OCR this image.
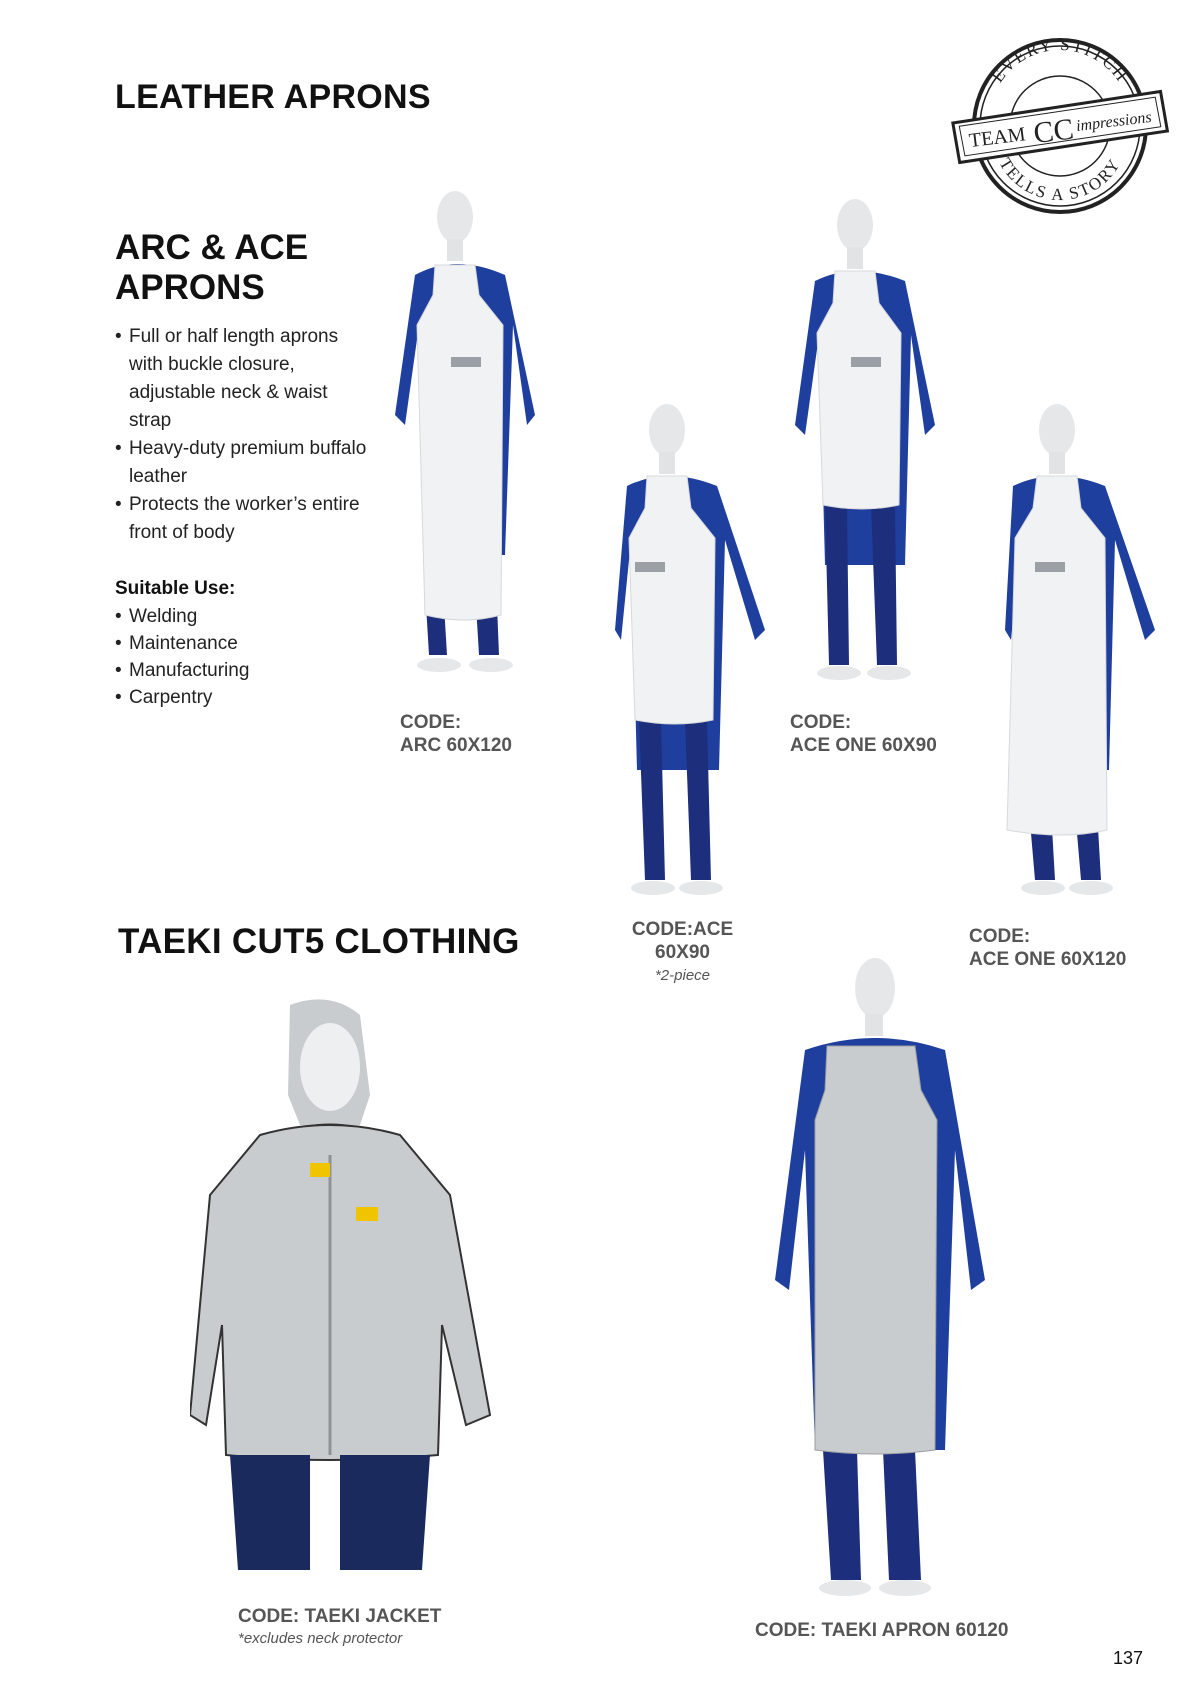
LEATHER APRONS
ARC & ACE APRONS
• Full or half length aprons with buckle closure, adjustable neck & waist strap
• Heavy-duty premium buffalo leather
• Protects the worker’s entire front of body
Suitable Use:
• Welding
• Maintenance
• Manufacturing
• Carpentry
TAEKI CUT5 CLOTHING
EVERY STITCH
TELLS A STORY
TEAM CC impressions
CODE:
ARC 60X120
CODE:
ACE ONE 60X90
CODE:ACE 60X90
*2-piece
CODE:
ACE ONE 60X120
CODE: TAEKI JACKET
*excludes neck protector	CODE: TAEKI APRON 60120
137
